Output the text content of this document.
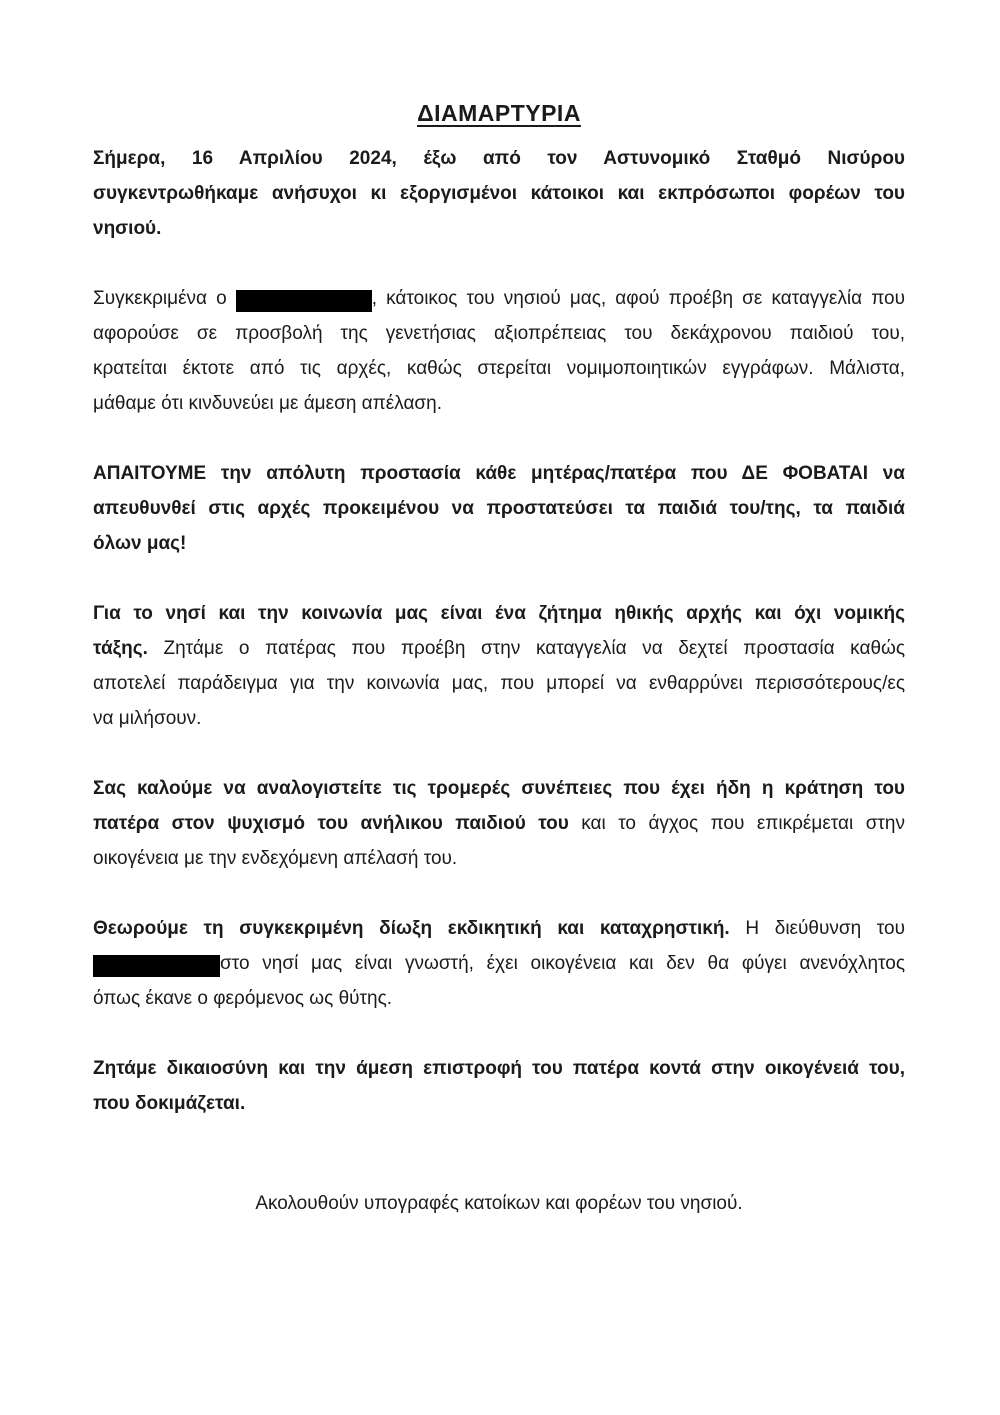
ΔΙΑΜΑΡΤΥΡΙΑ
Σήμερα, 16 Απριλίου 2024, έξω από τον Αστυνομικό Σταθμό Νισύρου
συγκεντρωθήκαμε ανήσυχοι κι εξοργισμένοι κάτοικοι και εκπρόσωποι φορέων του
νησιού.
Συγκεκριμένα ο	, κάτοικος του νησιού μας, αφού προέβη σε καταγγελία που
αφορούσε σε προσβολή της γενετήσιας αξιοπρέπειας του δεκάχρονου παιδιού του,
κρατείται έκτοτε από τις αρχές, καθώς στερείται νομιμοποιητικών εγγράφων. Μάλιστα,
μάθαμε ότι κινδυνεύει με άμεση απέλαση.
ΑΠΑΙΤΟΥΜΕ την απόλυτη προστασία κάθε μητέρας/πατέρα που ΔΕ ΦΟΒΑΤΑΙ να
απευθυνθεί στις αρχές προκειμένου να προστατεύσει τα παιδιά του/της, τα παιδιά
όλων μας!
Για το νησί και την κοινωνία μας είναι ένα ζήτημα ηθικής αρχής και όχι νομικής
τάξης. Ζητάμε ο πατέρας που προέβη στην καταγγελία να δεχτεί προστασία καθώς
αποτελεί παράδειγμα για την κοινωνία μας, που μπορεί να ενθαρρύνει περισσότερους/ες
να μιλήσουν.
Σας καλούμε να αναλογιστείτε τις τρομερές συνέπειες που έχει ήδη η κράτηση του
πατέρα στον ψυχισμό του ανήλικου παιδιού του και το άγχος που επικρέμεται στην
οικογένεια με την ενδεχόμενη απέλασή του.
Θεωρούμε τη συγκεκριμένη δίωξη εκδικητική και καταχρηστική. Η διεύθυνση του
στο νησί μας είναι γνωστή, έχει οικογένεια και δεν θα φύγει ανενόχλητος
όπως έκανε ο φερόμενος ως θύτης.
Ζητάμε δικαιοσύνη και την άμεση επιστροφή του πατέρα κοντά στην οικογένειά του,
που δοκιμάζεται.
Ακολουθούν υπογραφές κατοίκων και φορέων του νησιού.
